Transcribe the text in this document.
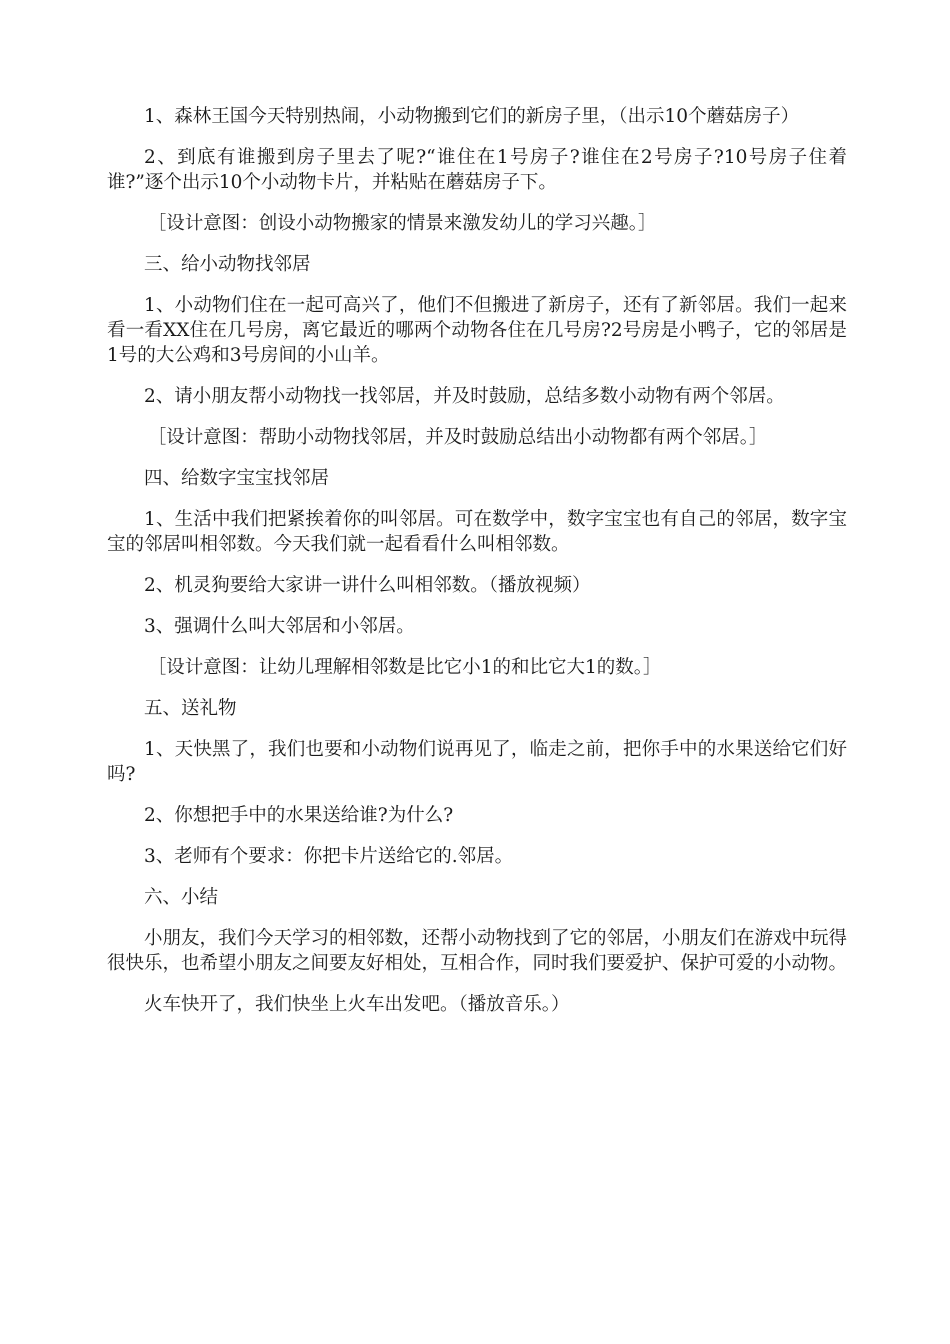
1、森林王国今天特别热闹，小动物搬到它们的新房子里，（出示10个蘑菇房子）

2、到底有谁搬到房子里去了呢?“谁住在1号房子?谁住在2号房子?10号房子住着谁?”逐个出示10个小动物卡片，并粘贴在蘑菇房子下。

［设计意图：创设小动物搬家的情景来激发幼儿的学习兴趣。］

三、给小动物找邻居

1、小动物们住在一起可高兴了，他们不但搬进了新房子，还有了新邻居。我们一起来看一看XX住在几号房，离它最近的哪两个动物各住在几号房?2号房是小鸭子，它的邻居是1号的大公鸡和3号房间的小山羊。

2、请小朋友帮小动物找一找邻居，并及时鼓励，总结多数小动物有两个邻居。

［设计意图：帮助小动物找邻居，并及时鼓励总结出小动物都有两个邻居。］

四、给数字宝宝找邻居

1、生活中我们把紧挨着你的叫邻居。可在数学中，数字宝宝也有自己的邻居，数字宝宝的邻居叫相邻数。今天我们就一起看看什么叫相邻数。

2、机灵狗要给大家讲一讲什么叫相邻数。（播放视频）

3、强调什么叫大邻居和小邻居。

［设计意图：让幼儿理解相邻数是比它小1的和比它大1的数。］

五、送礼物

1、天快黑了，我们也要和小动物们说再见了，临走之前，把你手中的水果送给它们好吗?

2、你想把手中的水果送给谁?为什么?

3、老师有个要求：你把卡片送给它的.邻居。

六、小结

小朋友，我们今天学习的相邻数，还帮小动物找到了它的邻居，小朋友们在游戏中玩得很快乐，也希望小朋友之间要友好相处，互相合作，同时我们要爱护、保护可爱的小动物。

火车快开了，我们快坐上火车出发吧。（播放音乐。）
